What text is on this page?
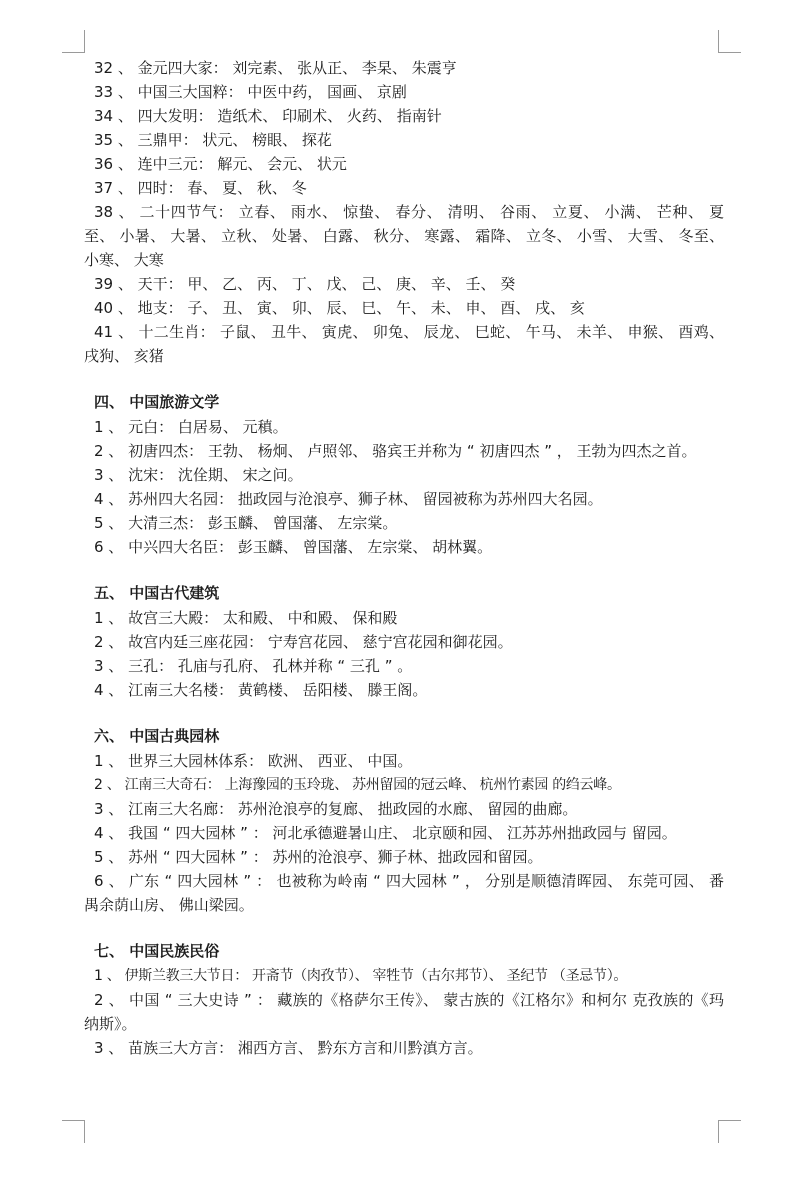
32 、 金元四大家： 刘完素、 张从正、 李杲、 朱震亨
33 、 中国三大国粹： 中医中药， 国画、 京剧
34 、 四大发明： 造纸术、 印刷术、 火药、 指南针
35 、 三鼎甲： 状元、 榜眼、 探花
36 、 连中三元： 解元、 会元、 状元
37 、 四时： 春、 夏、 秋、 冬
38 、 二十四节气： 立春、 雨水、 惊蛰、 春分、 清明、 谷雨、 立夏、 小满、 芒种、 夏至、 小暑、 大暑、 立秋、 处暑、 白露、 秋分、 寒露、 霜降、 立冬、 小雪、 大雪、 冬至、 小寒、 大寒
39 、 天干： 甲、 乙、 丙、 丁、 戊、 己、 庚、 辛、 壬、 癸
40 、 地支： 子、 丑、 寅、 卯、 辰、 巳、 午、 未、 申、 酉、 戌、 亥
41 、 十二生肖： 子鼠、 丑牛、 寅虎、 卯兔、 辰龙、 巳蛇、 午马、 未羊、 申猴、 酉鸡、 戌狗、 亥猪
四、 中国旅游文学
1 、 元白： 白居易、 元稹。
2 、 初唐四杰： 王勃、 杨炯、 卢照邻、 骆宾王并称为 “ 初唐四杰 ” ， 王勃为四杰之首。
3 、 沈宋： 沈佺期、 宋之问。
4 、 苏州四大名园： 拙政园与沧浪亭、狮子林、 留园被称为苏州四大名园。
5 、 大清三杰： 彭玉麟、 曾国藩、 左宗棠。
6 、 中兴四大名臣： 彭玉麟、 曾国藩、 左宗棠、 胡林翼。
五、 中国古代建筑
1 、 故宫三大殿： 太和殿、 中和殿、 保和殿
2 、 故宫内廷三座花园： 宁寿宫花园、 慈宁宫花园和御花园。
3 、 三孔： 孔庙与孔府、 孔林并称 “ 三孔 ” 。
4 、 江南三大名楼： 黄鹤楼、 岳阳楼、 滕王阁。
六、 中国古典园林
1 、 世界三大园林体系： 欧洲、 西亚、 中国。
2 、 江南三大奇石： 上海豫园的玉玲珑、 苏州留园的冠云峰、 杭州竹素园 的绉云峰。
3 、 江南三大名廊： 苏州沧浪亭的复廊、 拙政园的水廊、 留园的曲廊。
4 、 我国 “ 四大园林 ” ： 河北承德避暑山庄、 北京颐和园、 江苏苏州拙政园与 留园。
5 、 苏州 “ 四大园林 ” ： 苏州的沧浪亭、狮子林、拙政园和留园。
6 、 广东 “ 四大园林 ” ： 也被称为岭南 “ 四大园林 ” ， 分别是顺德清晖园、 东莞可园、 番禺余荫山房、 佛山梁园。
七、 中国民族民俗
1 、 伊斯兰教三大节日： 开斋节（肉孜节）、 宰牲节（古尔邦节）、 圣纪节 （圣忌节）。
2 、 中国 “ 三大史诗 ” ： 藏族的《格萨尔王传》、 蒙古族的《江格尔》和柯尔 克孜族的《玛纳斯》。
3 、 苗族三大方言： 湘西方言、 黔东方言和川黔滇方言。
